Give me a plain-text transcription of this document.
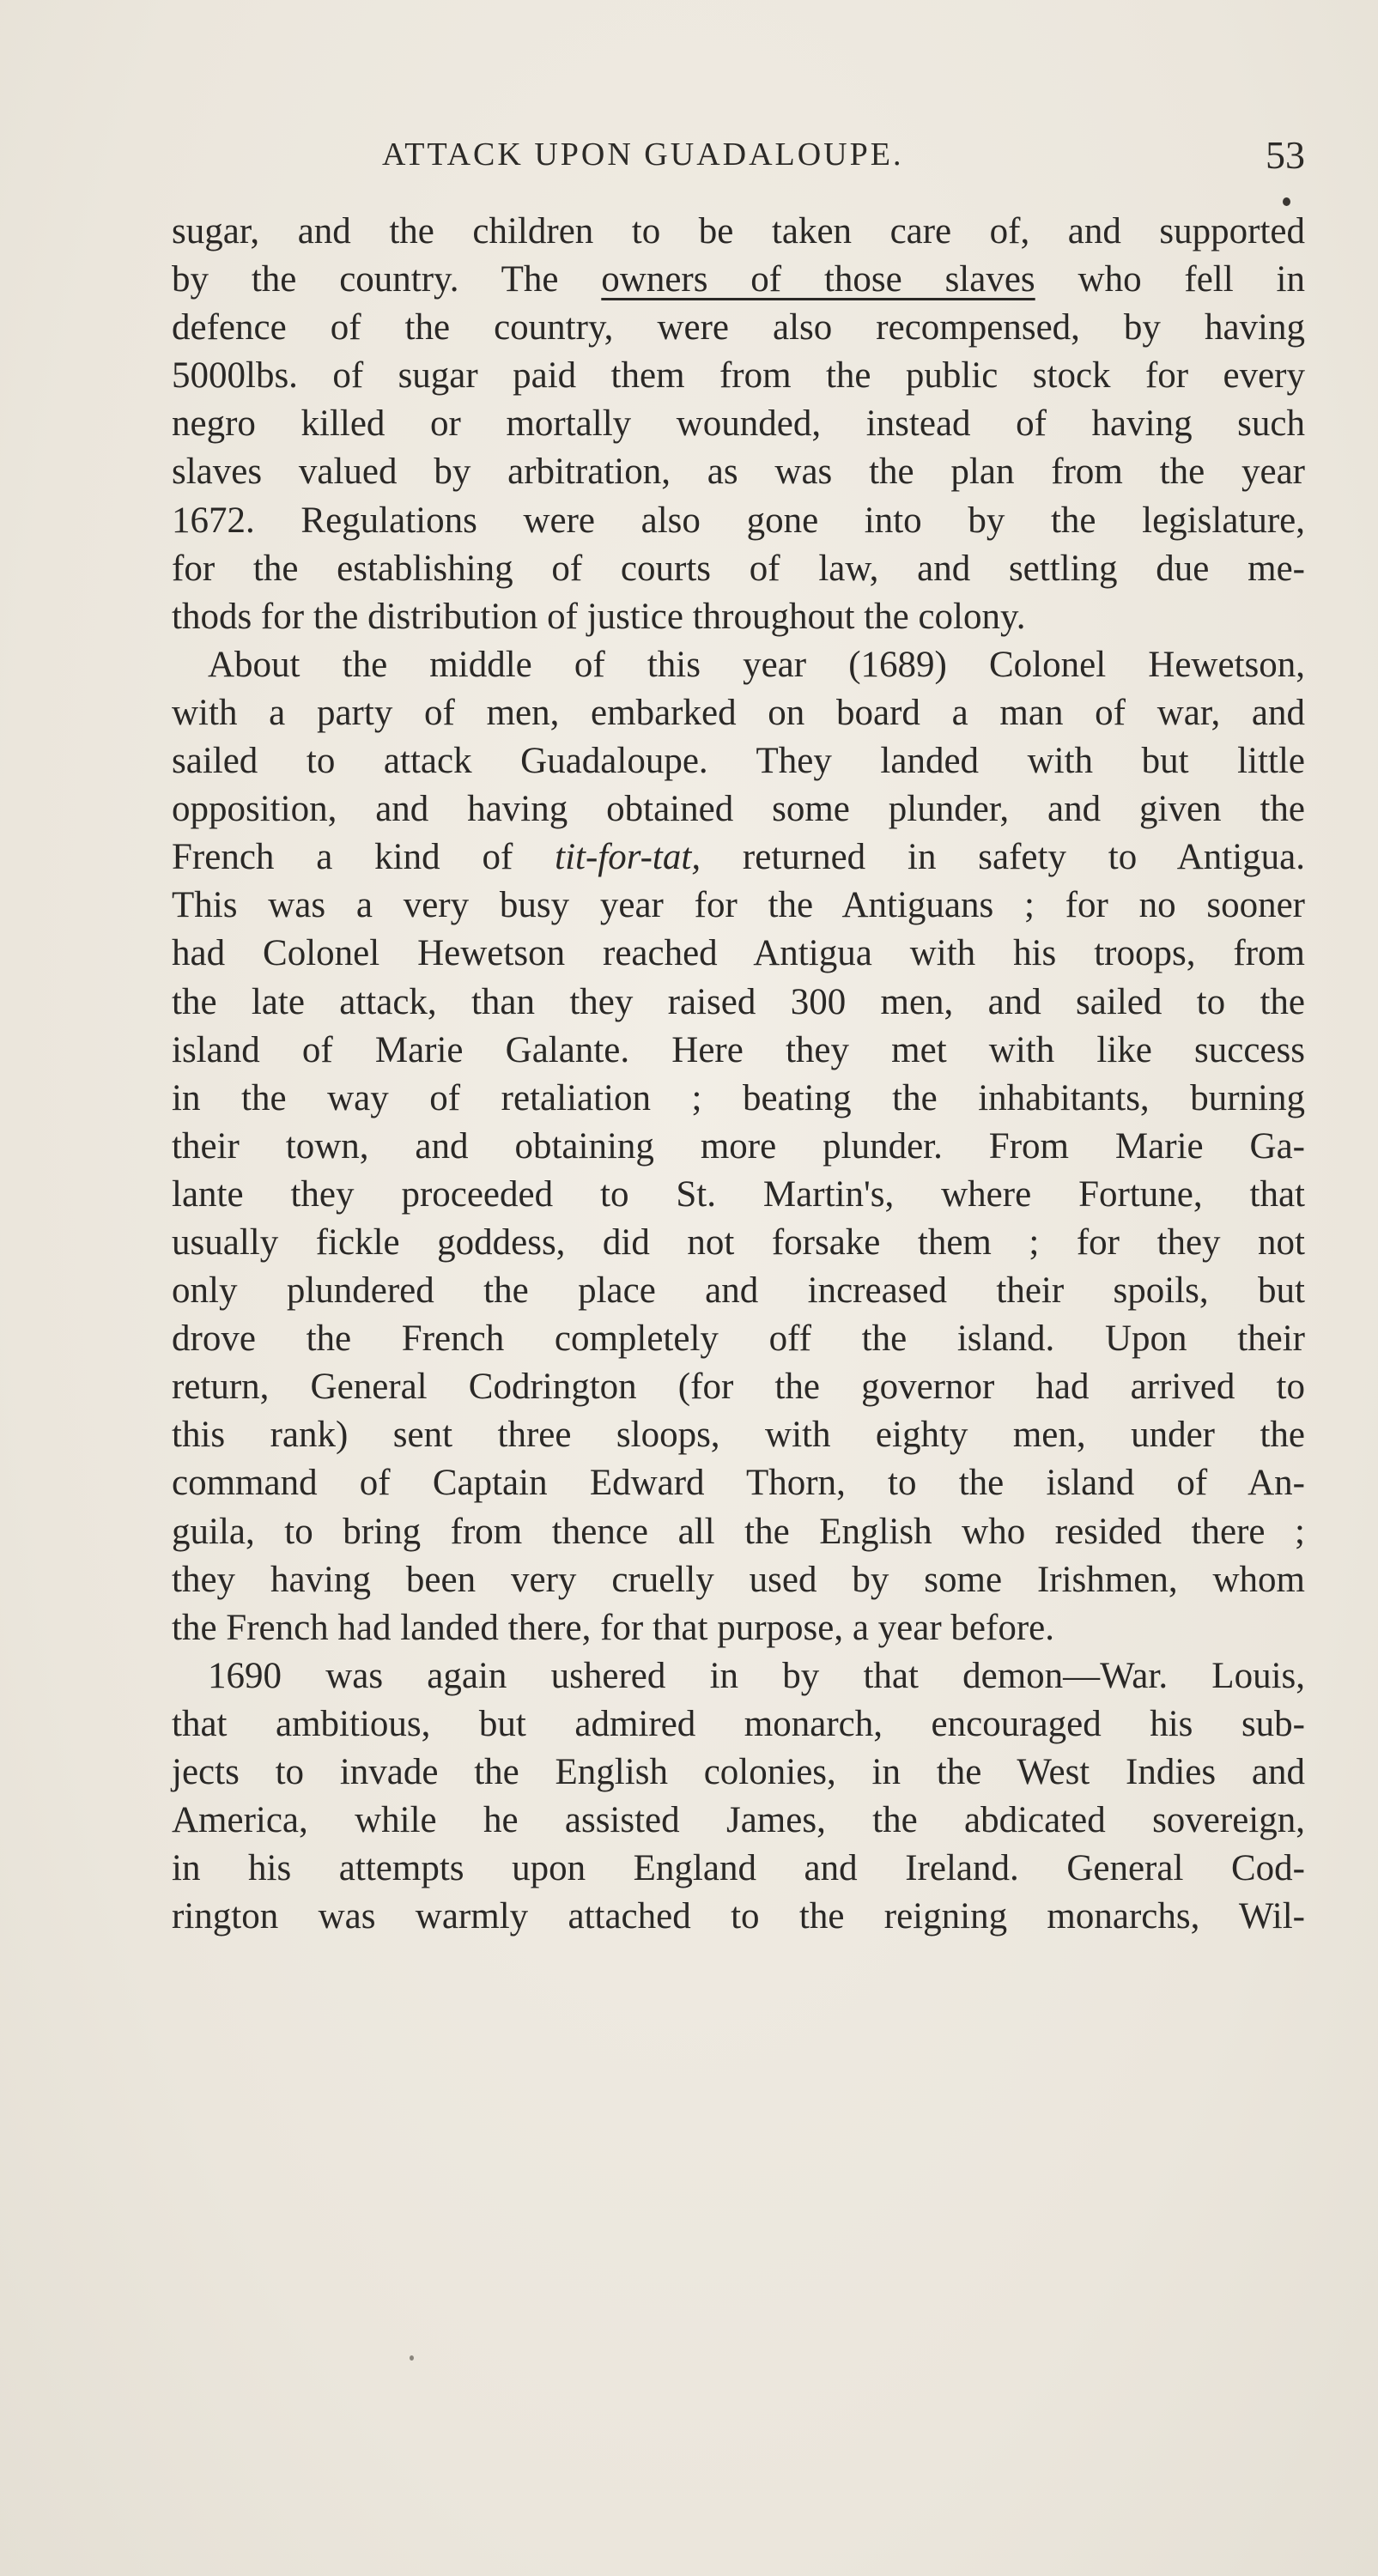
ATTACK UPON GUADALOUPE.	53
sugar, and the children to be taken care of, and supported
by the country. The owners of those slaves who fell in
defence of the country, were also recompensed, by having
5000lbs. of sugar paid them from the public stock for every
negro killed or mortally wounded, instead of having such
slaves valued by arbitration, as was the plan from the year
1672. Regulations were also gone into by the legislature,
for the establishing of courts of law, and settling due me-
thods for the distribution of justice throughout the colony.
About the middle of this year (1689) Colonel Hewetson,
with a party of men, embarked on board a man of war, and
sailed to attack Guadaloupe. They landed with but little
opposition, and having obtained some plunder, and given the
French a kind of tit-for-tat, returned in safety to Antigua.
This was a very busy year for the Antiguans ; for no sooner
had Colonel Hewetson reached Antigua with his troops, from
the late attack, than they raised 300 men, and sailed to the
island of Marie Galante. Here they met with like success
in the way of retaliation ; beating the inhabitants, burning
their town, and obtaining more plunder. From Marie Ga-
lante they proceeded to St. Martin's, where Fortune, that
usually fickle goddess, did not forsake them ; for they not
only plundered the place and increased their spoils, but
drove the French completely off the island. Upon their
return, General Codrington (for the governor had arrived to
this rank) sent three sloops, with eighty men, under the
command of Captain Edward Thorn, to the island of An-
guila, to bring from thence all the English who resided there ;
they having been very cruelly used by some Irishmen, whom
the French had landed there, for that purpose, a year before.
1690 was again ushered in by that demon—War. Louis,
that ambitious, but admired monarch, encouraged his sub-
jects to invade the English colonies, in the West Indies and
America, while he assisted James, the abdicated sovereign,
in his attempts upon England and Ireland. General Cod-
rington was warmly attached to the reigning monarchs, Wil-
